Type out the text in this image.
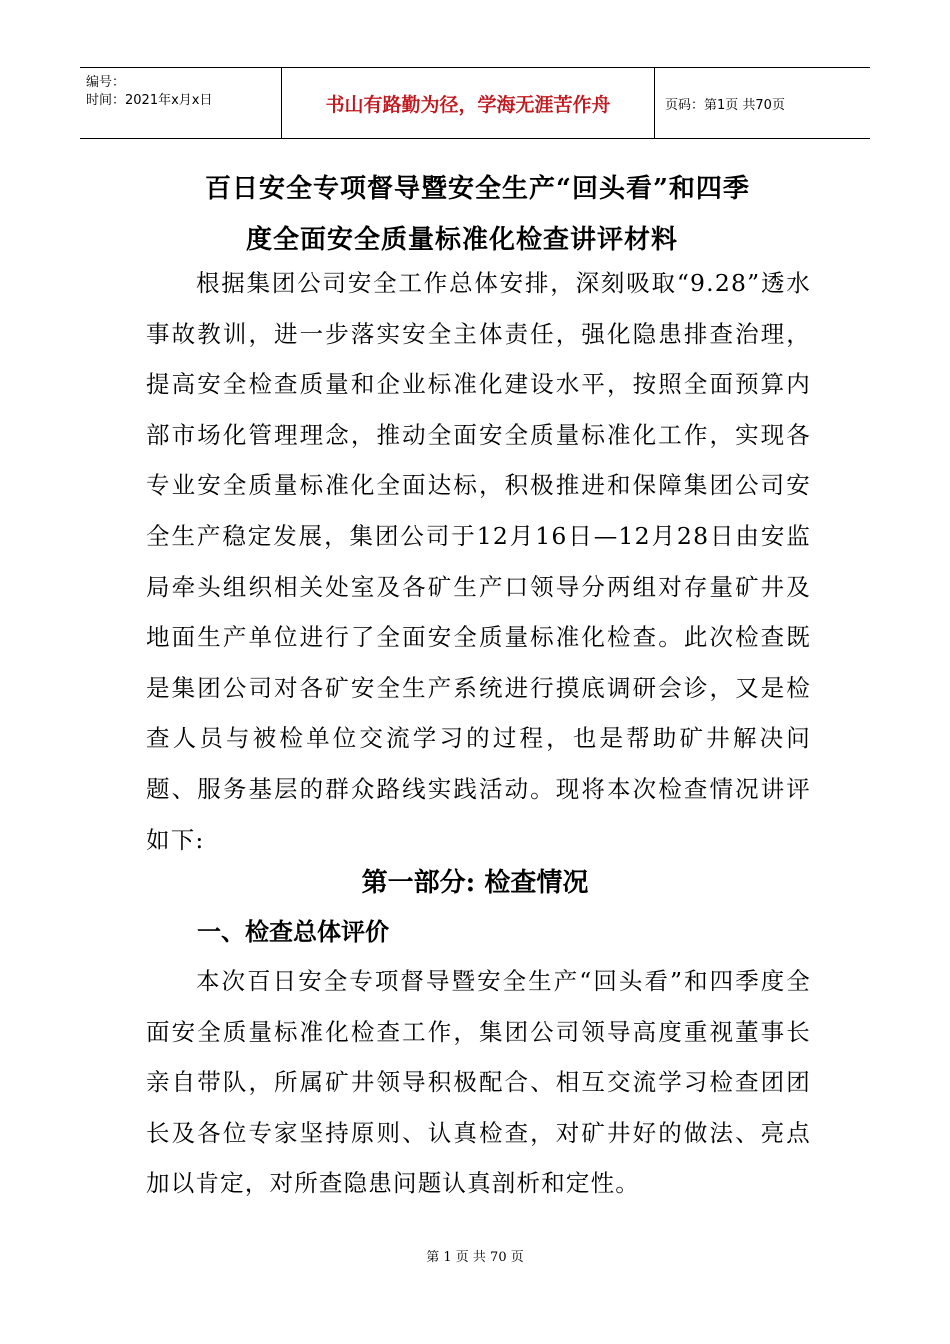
编号：
时间：2021年x月x日	书山有路勤为径，学海无涯苦作舟	页码：第1页 共70页
百日安全专项督导暨安全生产“回头看”和四季
度全面安全质量标准化检查讲评材料
根据集团公司安全工作总体安排，深刻吸取“9.28”透水事故教训，进一步落实安全主体责任，强化隐患排查治理，提高安全检查质量和企业标准化建设水平，按照全面预算内部市场化管理理念，推动全面安全质量标准化工作，实现各专业安全质量标准化全面达标，积极推进和保障集团公司安全生产稳定发展，集团公司于12月16日—12月28日由安监局牵头组织相关处室及各矿生产口领导分两组对存量矿井及地面生产单位进行了全面安全质量标准化检查。此次检查既是集团公司对各矿安全生产系统进行摸底调研会诊，又是检查人员与被检单位交流学习的过程，也是帮助矿井解决问题、服务基层的群众路线实践活动。现将本次检查情况讲评如下:
第一部分: 检查情况
一、检查总体评价
本次百日安全专项督导暨安全生产“回头看”和四季度全面安全质量标准化检查工作，集团公司领导高度重视董事长亲自带队，所属矿井领导积极配合、相互交流学习检查团团长及各位专家坚持原则、认真检查，对矿井好的做法、亮点加以肯定，对所查隐患问题认真剖析和定性。
第 1 页 共 70 页
